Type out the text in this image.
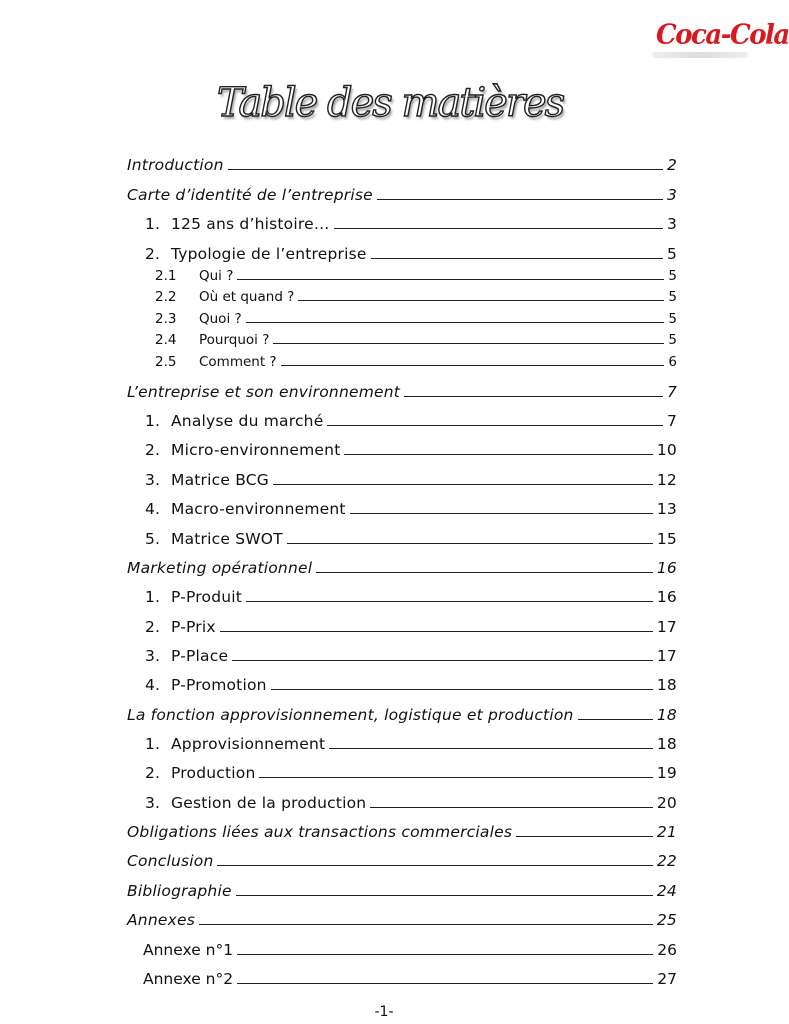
Coca-Cola
Table des matières
Introduction	2
Carte d’identité de l’entreprise	3
1. 125 ans d’histoire…	3
2. Typologie de l’entreprise	5
2.1 Qui ?	5
2.2 Où et quand ?	5
2.3 Quoi ?	5
2.4 Pourquoi ?	5
2.5 Comment ?	6
L’entreprise et son environnement	7
1. Analyse du marché	7
2. Micro-environnement	10
3. Matrice BCG	12
4. Macro-environnement	13
5. Matrice SWOT	15
Marketing opérationnel	16
1. P-Produit	16
2. P-Prix	17
3. P-Place	17
4. P-Promotion	18
La fonction approvisionnement, logistique et production	18
1. Approvisionnement	18
2. Production	19
3. Gestion de la production	20
Obligations liées aux transactions commerciales	21
Conclusion	22
Bibliographie	24
Annexes	25
Annexe n°1	26
Annexe n°2	27
-1-
